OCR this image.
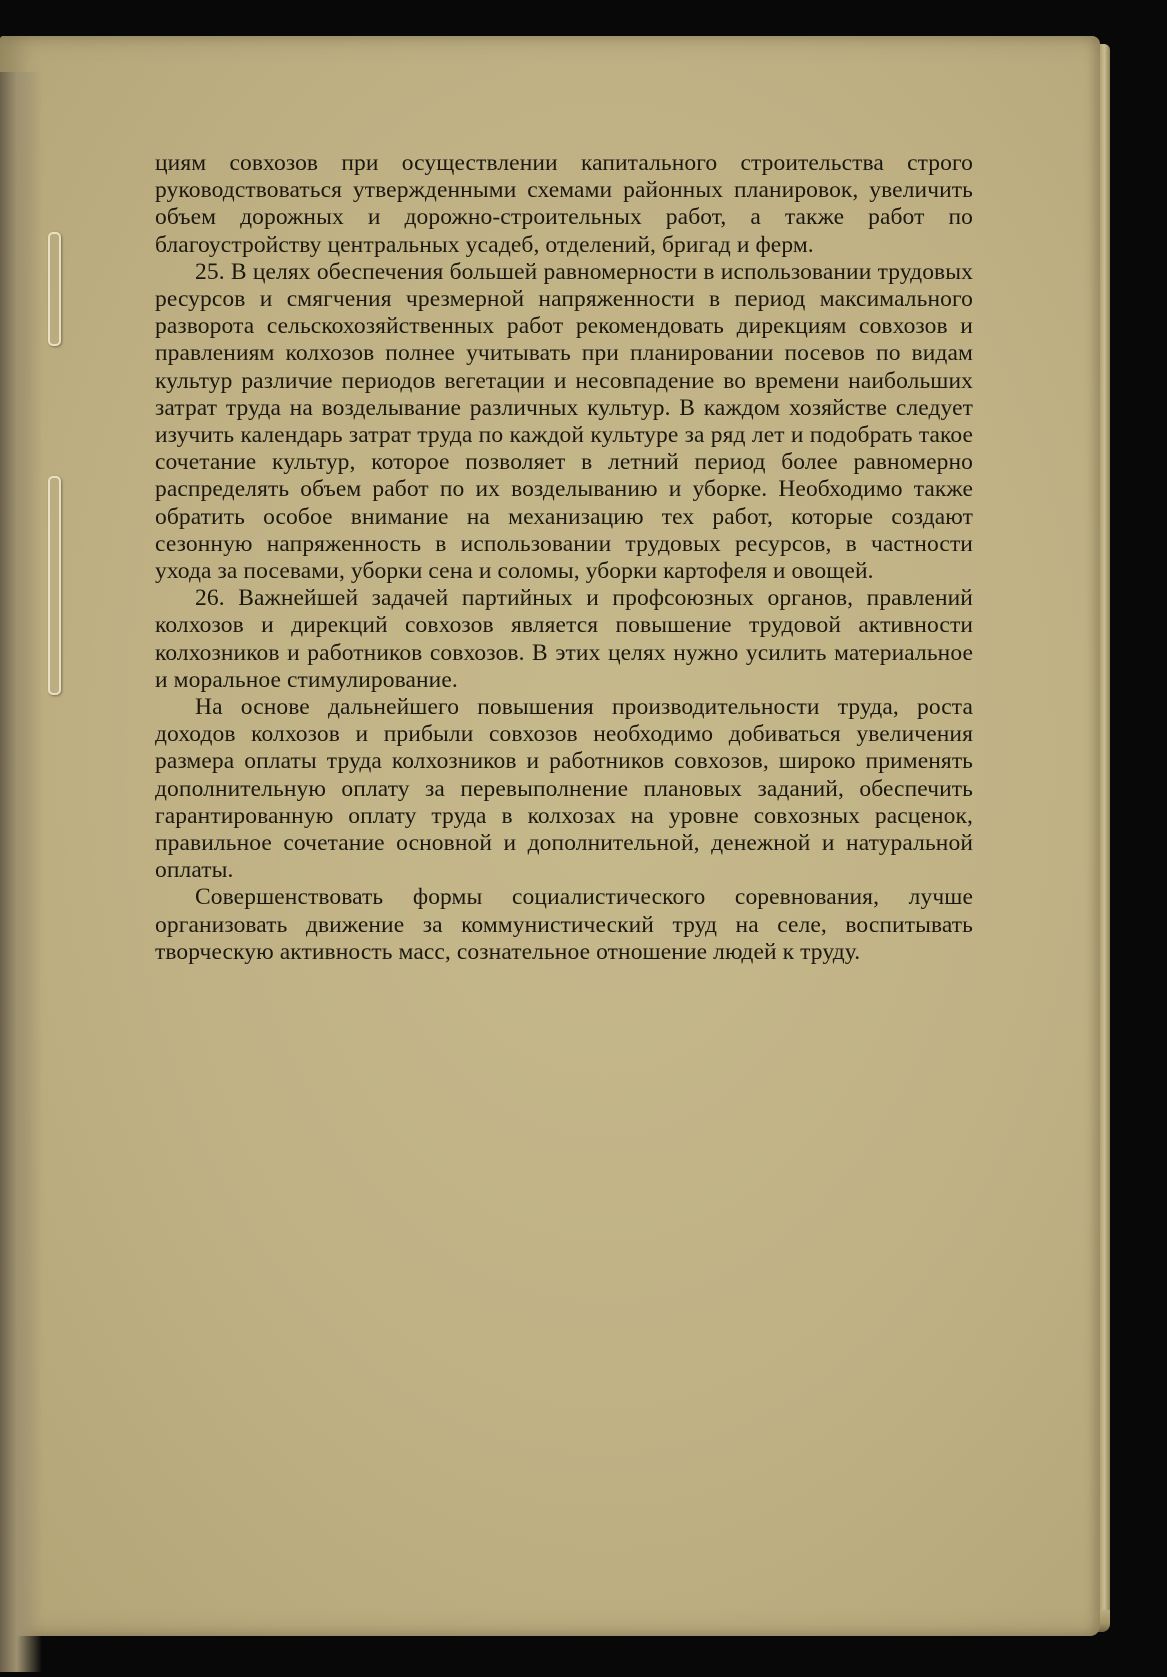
циям совхозов при осуществлении капитального строительства строго руководствоваться утвержденными схемами районных планировок, увеличить объем дорожных и дорожно-строительных работ, а также работ по благоустройству центральных усадеб, отделений, бригад и ферм.

25. В целях обеспечения большей равномерности в использовании трудовых ресурсов и смягчения чрезмерной напряженности в период максимального разворота сельскохозяйственных работ рекомендовать дирекциям совхозов и правлениям колхозов полнее учитывать при планировании посевов по видам культур различие периодов вегетации и несовпадение во времени наибольших затрат труда на возделывание различных культур. В каждом хозяйстве следует изучить календарь затрат труда по каждой культуре за ряд лет и подобрать такое сочетание культур, которое позволяет в летний период более равномерно распределять объем работ по их возделыванию и уборке. Необходимо также обратить особое внимание на механизацию тех работ, которые создают сезонную напряженность в использовании трудовых ресурсов, в частности ухода за посевами, уборки сена и соломы, уборки картофеля и овощей.

26. Важнейшей задачей партийных и профсоюзных органов, правлений колхозов и дирекций совхозов является повышение трудовой активности колхозников и работников совхозов. В этих целях нужно усилить материальное и моральное стимулирование.

На основе дальнейшего повышения производительности труда, роста доходов колхозов и прибыли совхозов необходимо добиваться увеличения размера оплаты труда колхозников и работников совхозов, широко применять дополнительную оплату за перевыполнение плановых заданий, обеспечить гарантированную оплату труда в колхозах на уровне совхозных расценок, правильное сочетание основной и дополнительной, денежной и натуральной оплаты.

Совершенствовать формы социалистического соревнования, лучше организовать движение за коммунистический труд на селе, воспитывать творческую активность масс, сознательное отношение людей к труду.
